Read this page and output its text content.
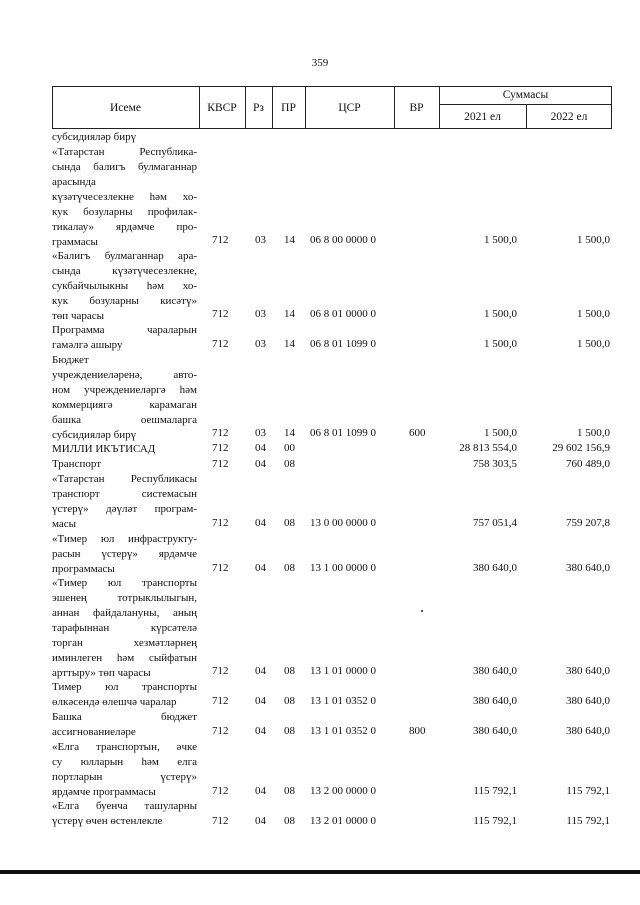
359
Исеме	КВСР	Рз	ПР	ЦСР	ВР
Суммасы
2021 ел	2022 ел
субсидияләр бирү
«Татарстан Республика-
сында балигъ булмаганнар
арасында
күзәтүчесезлекне һәм хо-
кук бозуларны профилак-
тикалау» ярдәмче про-
граммасы	712 03 14 06 8 00 0000 0	1 500,0	1 500,0
«Балигъ булмаганнар ара-
сында күзәтүчесезлекне,
сукбайчылыкны һәм хо-
кук бозуларны кисәтү»
төп чарасы	712 03 14 06 8 01 0000 0	1 500,0	1 500,0
Программа чараларын
гамәлгә ашыру	712 03 14 06 8 01 1099 0	1 500,0	1 500,0
Бюджет
учреждениеләренә, авто-
ном учреждениеләргә һәм
коммерциягә карамаган
башка оешмаларга
субсидияләр бирү	712 03 14 06 8 01 1099 0	600	1 500,0	1 500,0
МИЛЛИ ИКЪТИСАД	712 04 00	28 813 554,0	29 602 156,9
Транспорт	712 04 08	758 303,5	760 489,0
«Татарстан Республикасы
транспорт системасын
үстерү» дәүләт програм-
масы	712 04 08 13 0 00 0000 0	757 051,4	759 207,8
«Тимер юл инфраструкту-
расын үстерү» ярдәмче
программасы	712 04 08 13 1 00 0000 0	380 640,0	380 640,0
«Тимер юл транспорты
эшенең тотрыклылыгын,
аннан файдалануны, аның
тарафыннан күрсәтелә
торган хезмәтләрнең
иминлеген һәм сыйфатын
арттыру» төп чарасы	712 04 08 13 1 01 0000 0	380 640,0	380 640,0
Тимер юл транспорты
өлкәсендә өлешчә чаралар	712 04 08 13 1 01 0352 0	380 640,0	380 640,0
Башка бюджет
ассигнованиеләре	712 04 08 13 1 01 0352 0	800	380 640,0	380 640,0
«Елга транспортын, әчке
су юлларын һәм елга
портларын үстерү»
ярдәмче программасы	712 04 08 13 2 00 0000 0	115 792,1	115 792,1
«Елга буенча ташуларны
үстерү өчен өстенлекле	712 04 08 13 2 01 0000 0	115 792,1	115 792,1
